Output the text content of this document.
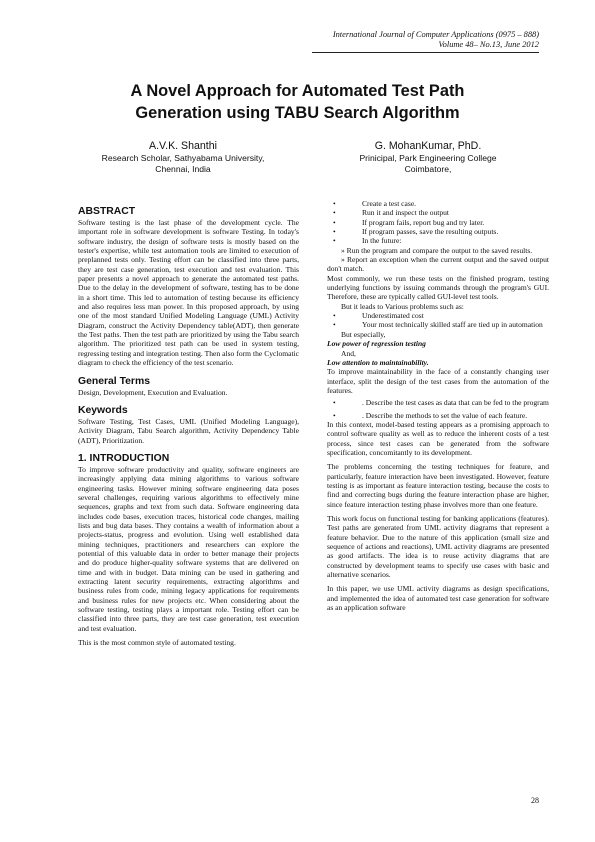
International Journal of Computer Applications (0975 – 888)
Volume 48– No.13, June 2012
A Novel Approach for Automated Test Path
Generation using TABU Search Algorithm
A.V.K. Shanthi
Research Scholar, Sathyabama University,
Chennai, India
G. MohanKumar, PhD.
Prinicipal, Park Engineering College
Coimbatore,
ABSTRACT

Software testing is the last phase of the development cycle. The important role in software development is software Testing. In today's software industry, the design of software tests is mostly based on the tester's expertise, while test automation tools are limited to execution of preplanned tests only. Testing effort can be classified into three parts, they are test case generation, test execution and test evaluation. This paper presents a novel approach to generate the automated test paths. Due to the delay in the development of software, testing has to be done in a short time. This led to automation of testing because its efficiency and also requires less man power. In this proposed approach, by using one of the most standard Unified Modeling Language (UML) Activity Diagram, construct the Activity Dependency table(ADT), then generate the Test paths. Then the test path are prioritized by using the Tabu search algorithm. The prioritized test path can be used in system testing, regressing testing and integration testing. Then also form the Cyclomatic diagram to check the efficiency of the test scenario.

General Terms

Design, Development, Execution and Evaluation.

Keywords

Software Testing, Test Cases, UML (Unified Modeling Language), Activity Diagram, Tabu Search algorithm, Activity Dependency Table (ADT), Prioritization.

1. INTRODUCTION

To improve software productivity and quality, software engineers are increasingly applying data mining algorithms to various software engineering tasks. However mining software engineering data poses several challenges, requiring various algorithms to effectively mine sequences, graphs and text from such data. Software engineering data includes code bases, execution traces, historical code changes, mailing lists and bug data bases. They contains a wealth of information about a projects-status, progress and evolution. Using well established data mining techniques, practitioners and researchers can explore the potential of this valuable data in order to better manage their projects and do produce higher-quality software systems that are delivered on time and with in budget. Data mining can be used in gathering and extracting latent security requirements, extracting algorithms and business rules from code, mining legacy applications for requirements and business rules for new projects etc. When considering about the software testing, testing plays a important role. Testing effort can be classified into three parts, they are test case generation, test execution and test evaluation.

This is the most common style of automated testing.

• Create a test case.
• Run it and inspect the output
• If program fails, report bug and try later.
• If program passes, save the resulting outputs.
• In the future:

» Run the program and compare the output to the saved results.

» Report an exception when the current output and the saved output don't match.

Most commonly, we run these tests on the finished program, testing underlying functions by issuing commands through the program's GUI. Therefore, these are typically called GUI-level test tools.

But it leads to Various problems such as:

• Underestimated cost
• Your most technically skilled staff are tied up in automation

But especially,

Low power of regression testing

And,

Low attention to maintainability.

To improve maintainability in the face of a constantly changing user interface, split the design of the test cases from the automation of the features.

• . Describe the test cases as data that can be fed to the program
• . Describe the methods to set the value of each feature.

In this context, model-based testing appears as a promising approach to control software quality as well as to reduce the inherent costs of a test process, since test cases can be generated from the software specification, concomitantly to its development.

The problems concerning the testing techniques for feature, and particularly, feature interaction have been investigated. However, feature testing is as important as feature interaction testing, because the costs to find and correcting bugs during the feature interaction phase are higher, since feature interaction testing phase involves more than one feature.

This work focus on functional testing for banking applications (features). Test paths are generated from UML activity diagrams that represent a feature behavior. Due to the nature of this application (small size and sequence of actions and reactions), UML activity diagrams are presented as good artifacts. The idea is to reuse activity diagrams that are constructed by development teams to specify use cases with basic and alternative scenarios.

In this paper, we use UML activity diagrams as design specifications, and implemented the idea of automated test case generation for software as an application software

28
